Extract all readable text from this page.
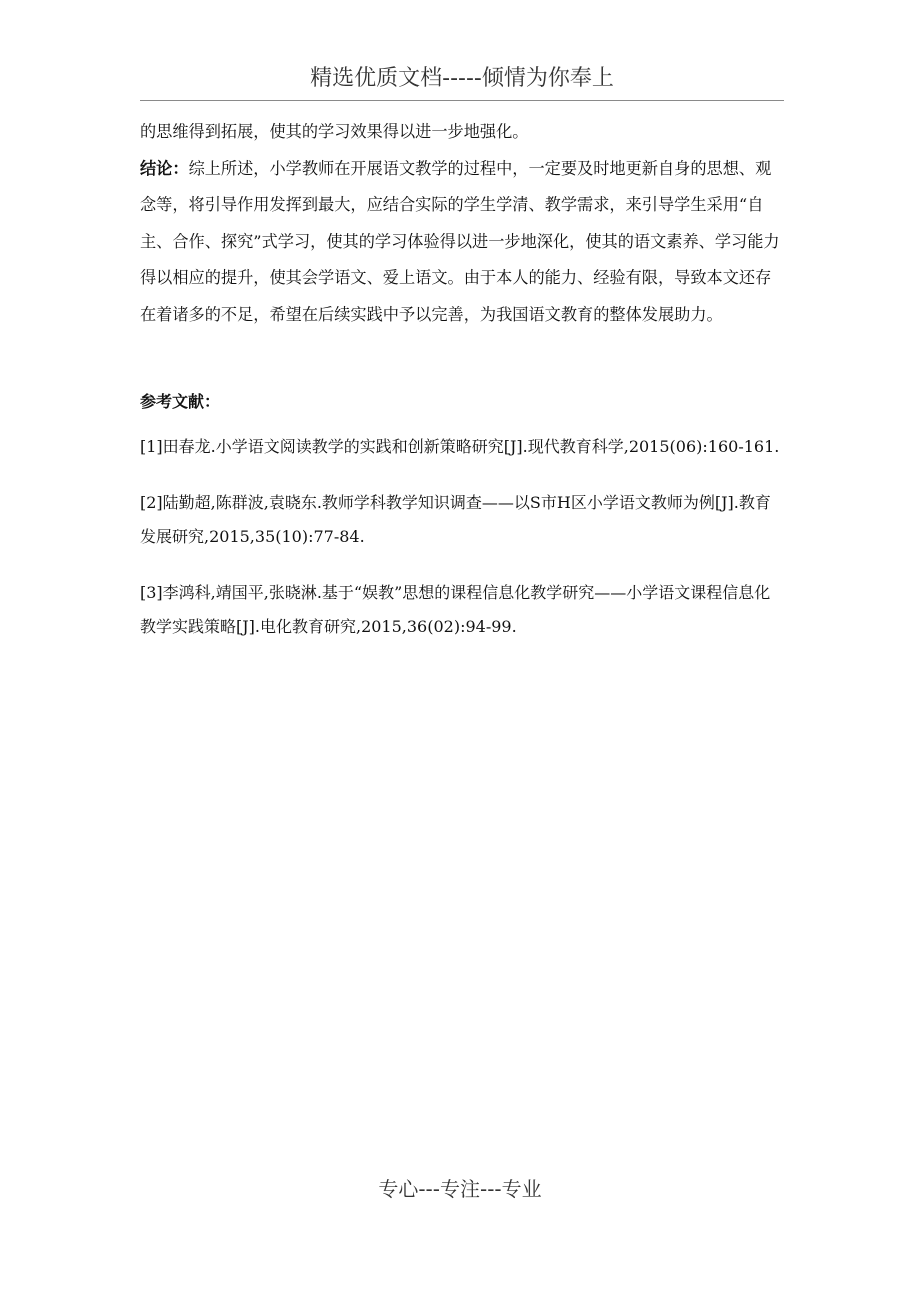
精选优质文档-----倾情为你奉上

的思维得到拓展，使其的学习效果得以进一步地强化。

结论：综上所述，小学教师在开展语文教学的过程中，一定要及时地更新自身的思想、观念等，将引导作用发挥到最大，应结合实际的学生学清、教学需求，来引导学生采用“自主、合作、探究”式学习，使其的学习体验得以进一步地深化，使其的语文素养、学习能力得以相应的提升，使其会学语文、爱上语文。由于本人的能力、经验有限，导致本文还存在着诸多的不足，希望在后续实践中予以完善，为我国语文教育的整体发展助力。

参考文献：

[1]田春龙.小学语文阅读教学的实践和创新策略研究[J].现代教育科学,2015(06):160-161.

[2]陆勤超,陈群波,袁晓东.教师学科教学知识调查——以S市H区小学语文教师为例[J].教育发展研究,2015,35(10):77-84.

[3]李鸿科,靖国平,张晓淋.基于“娱教”思想的课程信息化教学研究——小学语文课程信息化教学实践策略[J].电化教育研究,2015,36(02):94-99.

专心---专注---专业
